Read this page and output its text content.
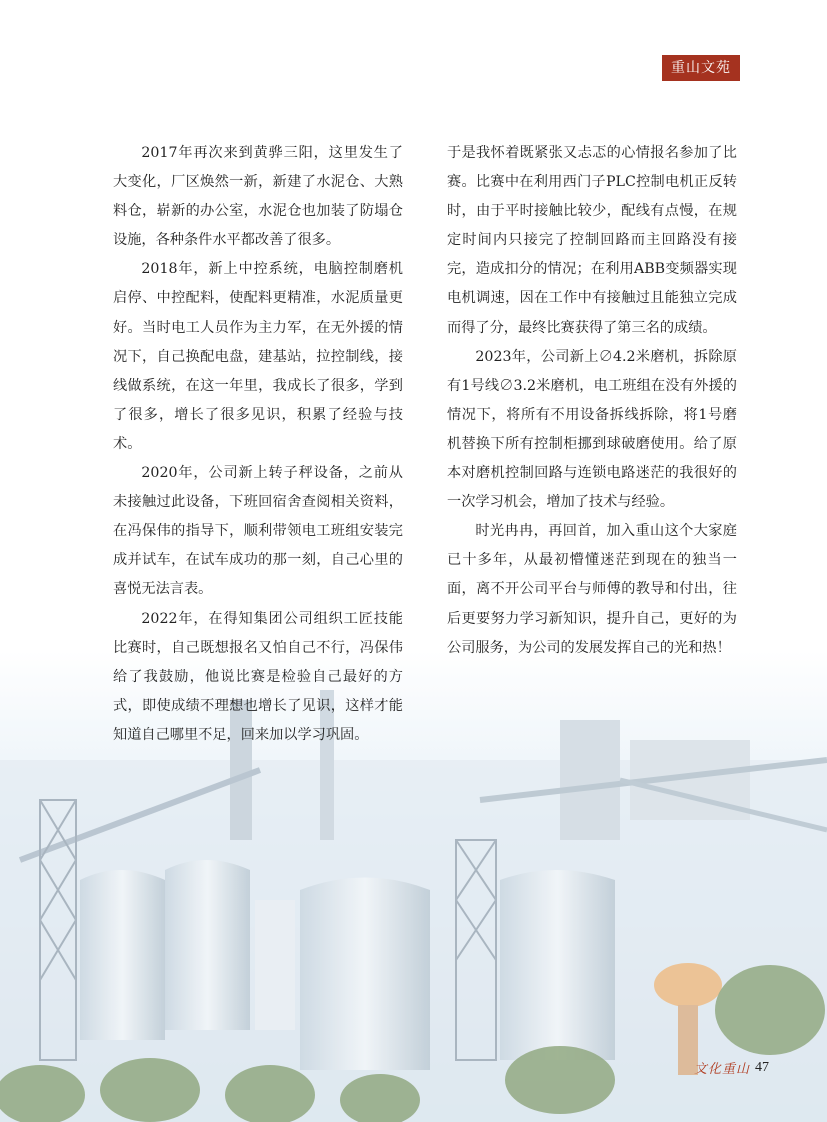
重山文苑

2017年再次来到黄骅三阳，这里发生了大变化，厂区焕然一新，新建了水泥仓、大熟料仓，崭新的办公室，水泥仓也加装了防塌仓设施，各种条件水平都改善了很多。

2018年，新上中控系统，电脑控制磨机启停、中控配料，使配料更精准，水泥质量更好。当时电工人员作为主力军，在无外援的情况下，自己换配电盘，建基站，拉控制线，接线做系统，在这一年里，我成长了很多，学到了很多，增长了很多见识，积累了经验与技术。

2020年，公司新上转子秤设备，之前从未接触过此设备，下班回宿舍查阅相关资料，在冯保伟的指导下，顺利带领电工班组安装完成并试车，在试车成功的那一刻，自己心里的喜悦无法言表。

2022年，在得知集团公司组织工匠技能比赛时，自己既想报名又怕自己不行，冯保伟给了我鼓励，他说比赛是检验自己最好的方式，即使成绩不理想也增长了见识，这样才能知道自己哪里不足，回来加以学习巩固。

于是我怀着既紧张又忐忑的心情报名参加了比赛。比赛中在利用西门子PLC控制电机正反转时，由于平时接触比较少，配线有点慢，在规定时间内只接完了控制回路而主回路没有接完，造成扣分的情况；在利用ABB变频器实现电机调速，因在工作中有接触过且能独立完成而得了分，最终比赛获得了第三名的成绩。

2023年，公司新上∅4.2米磨机，拆除原有1号线∅3.2米磨机，电工班组在没有外援的情况下，将所有不用设备拆线拆除，将1号磨机替换下所有控制柜挪到球破磨使用。给了原本对磨机控制回路与连锁电路迷茫的我很好的一次学习机会，增加了技术与经验。

时光冉冉，再回首，加入重山这个大家庭已十多年，从最初懵懂迷茫到现在的独当一面，离不开公司平台与师傅的教导和付出，往后更要努力学习新知识，提升自己，更好的为公司服务，为公司的发展发挥自己的光和热！

文化重山 47
